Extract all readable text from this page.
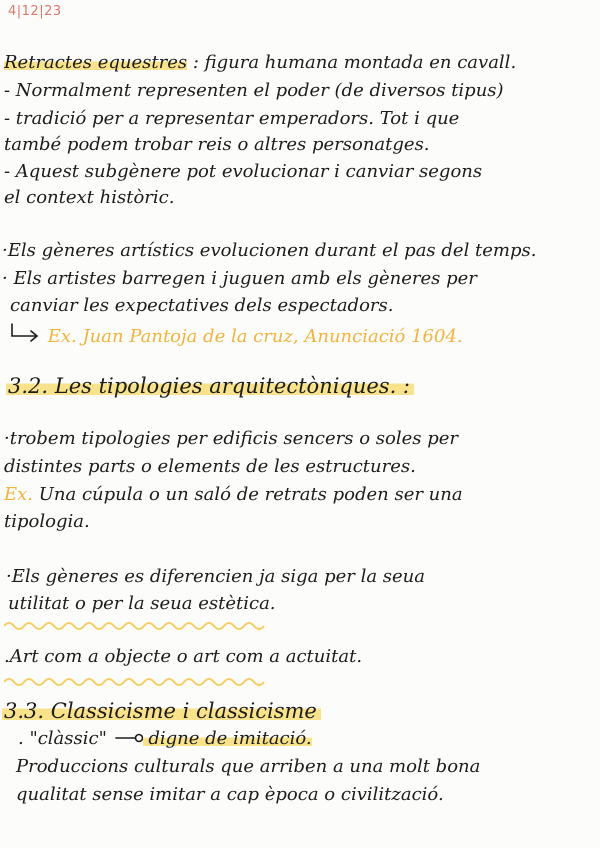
4|12|23
Retractes equestres : figura humana montada en cavall.
- Normalment representen el poder (de diversos tipus)
- tradició per a representar emperadors. Tot i que
també podem trobar reis o altres personatges.
- Aquest subgènere pot evolucionar i canviar segons
el context històric.
·Els gèneres artístics evolucionen durant el pas del temps.
· Els artistes barregen i juguen amb els gèneres per
canviar les expectatives dels espectadors.
Ex. Juan Pantoja de la cruz, Anunciació 1604.
3.2. Les tipologies arquitectòniques. :
·trobem tipologies per edificis sencers o soles per
distintes parts o elements de les estructures.
Ex. Una cúpula o un saló de retrats poden ser una
tipologia.
·Els gèneres es diferencien ja siga per la seua
utilitat o per la seua estètica.
.Art com a objecte o art com a actuitat.
3.3. Classicisme i classicisme
. "clàssic"  digne de imitació.
Produccions culturals que arriben a una molt bona
qualitat sense imitar a cap època o civilització.
